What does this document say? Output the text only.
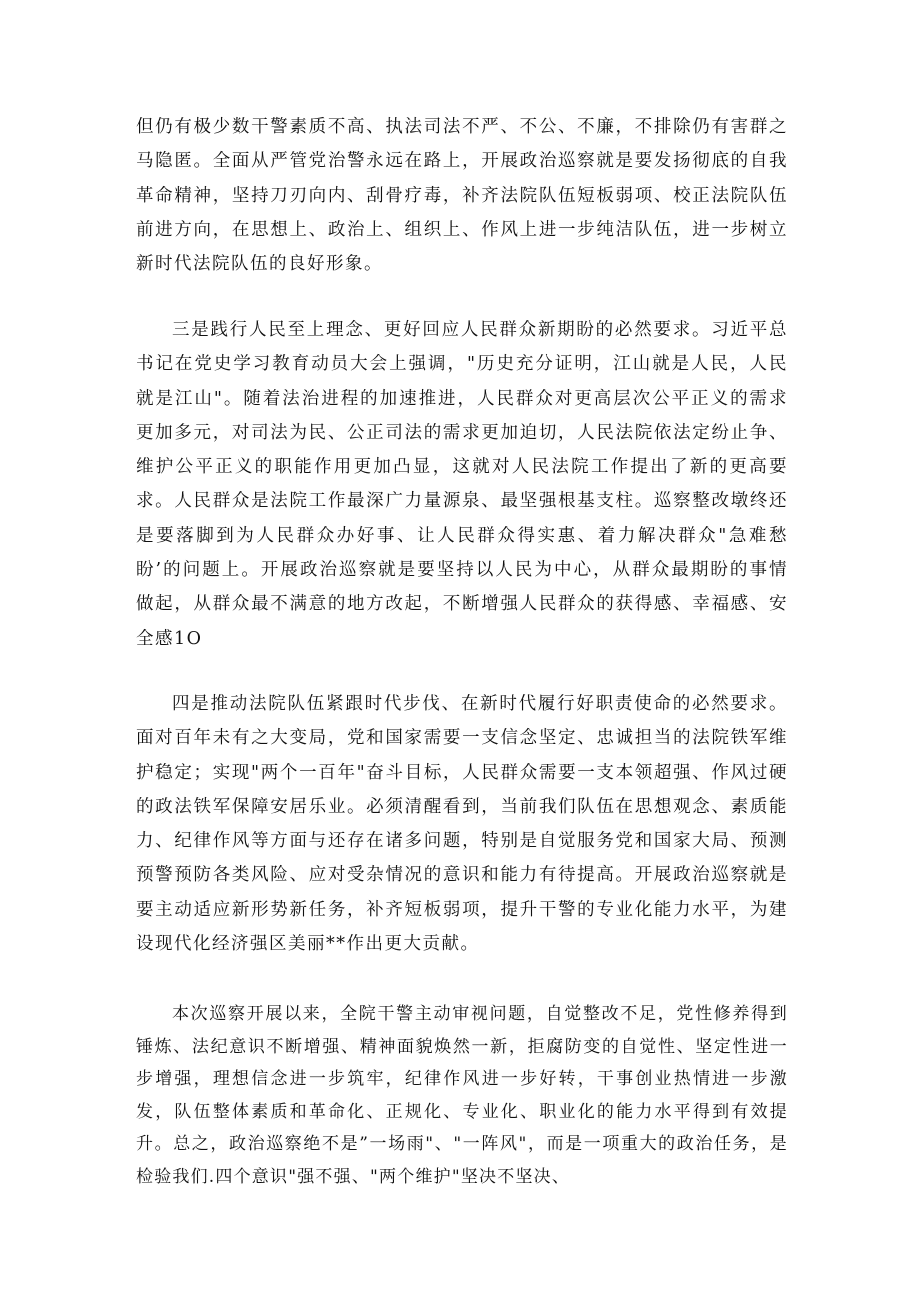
但仍有极少数干警素质不高、执法司法不严、不公、不廉，不排除仍有害群之马隐匿。全面从严管党治警永远在路上，开展政治巡察就是要发扬彻底的自我革命精神，坚持刀刃向内、刮骨疗毒，补齐法院队伍短板弱项、校正法院队伍前进方向，在思想上、政治上、组织上、作风上进一步纯洁队伍，进一步树立新时代法院队伍的良好形象。

三是践行人民至上理念、更好回应人民群众新期盼的必然要求。习近平总书记在党史学习教育动员大会上强调，"历史充分证明，江山就是人民，人民就是江山"。随着法治进程的加速推进，人民群众对更高层次公平正义的需求更加多元，对司法为民、公正司法的需求更加迫切，人民法院依法定纷止争、维护公平正义的职能作用更加凸显，这就对人民法院工作提出了新的更高要求。人民群众是法院工作最深广力量源泉、最坚强根基支柱。巡察整改墩终还是要落脚到为人民群众办好事、让人民群众得实惠、着力解决群众"急难愁盼’的问题上。开展政治巡察就是要坚持以人民为中心，从群众最期盼的事情做起，从群众最不满意的地方改起，不断增强人民群众的获得感、幸福感、安全感1O

四是推动法院队伍紧跟时代步伐、在新时代履行好职责使命的必然要求。面对百年未有之大变局，党和国家需要一支信念坚定、忠诚担当的法院铁军维护稳定；实现"两个一百年"奋斗目标，人民群众需要一支本领超强、作风过硬的政法铁军保障安居乐业。必须清醒看到，当前我们队伍在思想观念、素质能力、纪律作风等方面与还存在诸多问题，特别是自觉服务党和国家大局、预测预警预防各类风险、应对受杂情况的意识和能力有待提高。开展政治巡察就是要主动适应新形势新任务，补齐短板弱项，提升干警的专业化能力水平，为建设现代化经济强区美丽**作出更大贡献。

本次巡察开展以来，全院干警主动审视问题，自觉整改不足，党性修养得到锤炼、法纪意识不断增强、精神面貌焕然一新，拒腐防变的自觉性、坚定性进一步增强，理想信念进一步筑牢，纪律作风进一步好转，干事创业热情进一步激发，队伍整体素质和革命化、正规化、专业化、职业化的能力水平得到有效提升。总之，政治巡察绝不是”一场雨"、"一阵风"，而是一项重大的政治任务，是检验我们.四个意识"强不强、"两个维护"坚决不坚决、
